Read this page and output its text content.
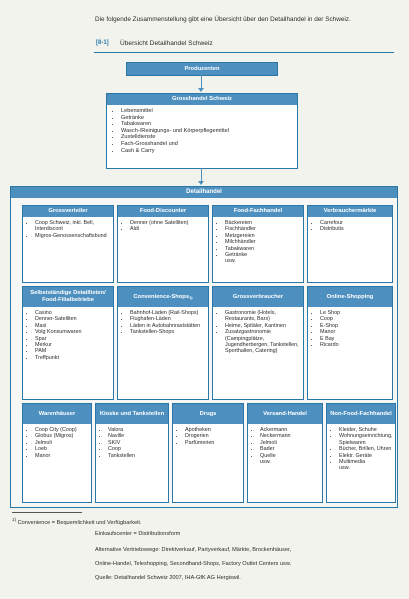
Die folgende Zusammenstellung gibt eine Übersicht über den Detailhandel in der Schweiz.
[8-1] Übersicht Detailhandel Schweiz
Produzenten
Grosshandel Schweiz
• Lebensmittel
• Getränke
• Tabakwaren
• Wasch-/Reinigungs- und Körperpflegemittel
• Zustelldienste
• Fach-Grosshandel und
• Cash & Carry
Detailhandel
Grossverteiler
• Coop Schweiz, inkl. Bell, Interdiscont
• Migros-Genossenschaftsbund
Food-Discounter
• Denner (ohne Satelliten)
• Aldi
Food-Fachhandel
• Bäckereien
• Fischhändler
• Metzgereien
• Milchhändler
• Tabakwaren
• Getränke
usw.
Verbrauchermärkte
• Carrefour
• Distributis
Selbstständige Detaillisten/ Food-Filialbetriebe
• Casino
• Denner-Satelliten
• Maxi
• Volg Konsumwaren
• Spar
• Merkur
• PAM
• Treffpunkt
Convenience-Shops 1)
• Bahnhof-Läden (Rail-Shops)
• Flughafen-Läden
• Läden in Autobahnraststätten
• Tankstellen-Shops
Grossverbraucher
• Gastronomie (Hotels, Restaurants, Bars)
• Heime, Spitäler, Kantinen
• Zusatzgastronomie (Campingplätze, Jugendherbergen, Tankstellen, Sporthallen, Catering)
Online-Shopping
• Le Shop
• Coop
• E-Shop
• Manor
• E Bay
• Ricardo
Warenhäuser
• Coop City (Coop)
• Globus (Migros)
• Jelmoli
• Loeb
• Manor
Kioske und Tankstellen
• Valora
• Naville
• SKIV
• Coop
• Tankstellen
Drugs
• Apotheken
• Drogerien
• Parfümerien
Versand-Handel
• Ackermann
• Neckermann
• Jelmoli
• Bader
• Quelle
usw.
Non-Food-Fachhandel
• Kleider, Schuhe
• Wohnungseinrichtung, Spielwaren
• Bücher, Brillen, Uhren
• Elektr. Geräte
• Multimedia
usw.
$^{1)}$ Convenience = Bequemlichkeit und Verfügbarkeit.
Einkaufscenter = Distributionsform
Alternative Vertriebswege: Direktverkauf, Partyverkauf, Märkte, Brockenhäuser,
Online-Handel, Teleshopping, Secondhand-Shops, Factory Outlet Centers usw.
Quelle: Detailhandel Schweiz 2007, IHA-GfK AG Hergiswil.
